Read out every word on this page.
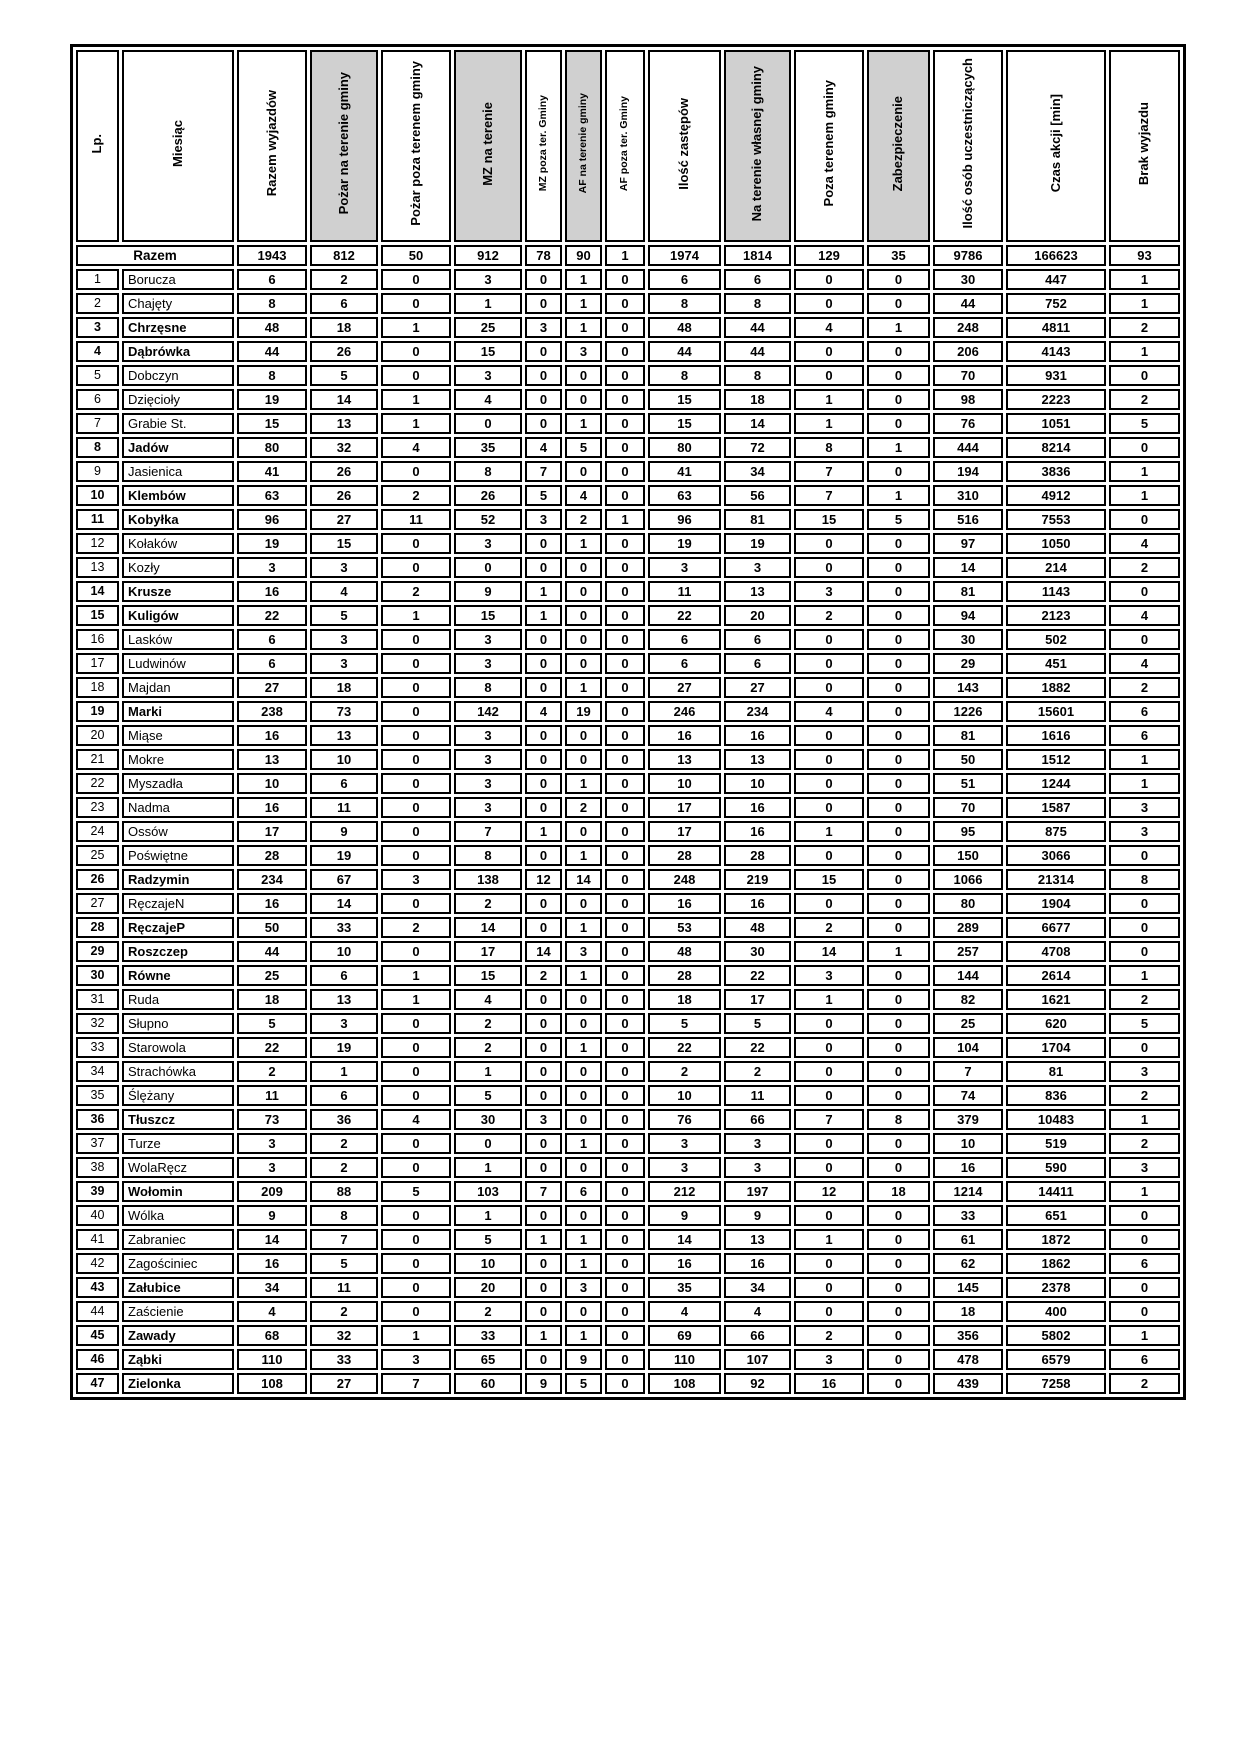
Lp.	Miesiąc	Razem wyjazdów	Pożar na terenie gminy	Pożar poza terenem gminy	MZ na terenie	MZ poza ter. Gminy	AF na terenie gminy	AF poza ter. Gminy	Ilość zastępów	Na terenie własnej gminy	Poza terenem gminy	Zabezpieczenie	Ilość osób uczestniczących	Czas akcji [min]	Brak wyjazdu
Razem		1943	812	50	912	78	90	1	1974	1814	129	35	9786	166623	93
1	Borucza	6	2	0	3	0	1	0	6	6	0	0	30	447	1
2	Chajęty	8	6	0	1	0	1	0	8	8	0	0	44	752	1
3	Chrzęsne	48	18	1	25	3	1	0	48	44	4	1	248	4811	2
4	Dąbrówka	44	26	0	15	0	3	0	44	44	0	0	206	4143	1
5	Dobczyn	8	5	0	3	0	0	0	8	8	0	0	70	931	0
6	Dzięcioły	19	14	1	4	0	0	0	15	18	1	0	98	2223	2
7	Grabie St.	15	13	1	0	0	1	0	15	14	1	0	76	1051	5
8	Jadów	80	32	4	35	4	5	0	80	72	8	1	444	8214	0
9	Jasienica	41	26	0	8	7	0	0	41	34	7	0	194	3836	1
10	Klembów	63	26	2	26	5	4	0	63	56	7	1	310	4912	1
11	Kobyłka	96	27	11	52	3	2	1	96	81	15	5	516	7553	0
12	Kołaków	19	15	0	3	0	1	0	19	19	0	0	97	1050	4
13	Kozły	3	3	0	0	0	0	0	3	3	0	0	14	214	2
14	Krusze	16	4	2	9	1	0	0	11	13	3	0	81	1143	0
15	Kuligów	22	5	1	15	1	0	0	22	20	2	0	94	2123	4
16	Lasków	6	3	0	3	0	0	0	6	6	0	0	30	502	0
17	Ludwinów	6	3	0	3	0	0	0	6	6	0	0	29	451	4
18	Majdan	27	18	0	8	0	1	0	27	27	0	0	143	1882	2
19	Marki	238	73	0	142	4	19	0	246	234	4	0	1226	15601	6
20	Miąse	16	13	0	3	0	0	0	16	16	0	0	81	1616	6
21	Mokre	13	10	0	3	0	0	0	13	13	0	0	50	1512	1
22	Myszadła	10	6	0	3	0	1	0	10	10	0	0	51	1244	1
23	Nadma	16	11	0	3	0	2	0	17	16	0	0	70	1587	3
24	Ossów	17	9	0	7	1	0	0	17	16	1	0	95	875	3
25	Poświętne	28	19	0	8	0	1	0	28	28	0	0	150	3066	0
26	Radzymin	234	67	3	138	12	14	0	248	219	15	0	1066	21314	8
27	RęczajeN	16	14	0	2	0	0	0	16	16	0	0	80	1904	0
28	RęczajeP	50	33	2	14	0	1	0	53	48	2	0	289	6677	0
29	Roszczep	44	10	0	17	14	3	0	48	30	14	1	257	4708	0
30	Równe	25	6	1	15	2	1	0	28	22	3	0	144	2614	1
31	Ruda	18	13	1	4	0	0	0	18	17	1	0	82	1621	2
32	Słupno	5	3	0	2	0	0	0	5	5	0	0	25	620	5
33	Starowola	22	19	0	2	0	1	0	22	22	0	0	104	1704	0
34	Strachówka	2	1	0	1	0	0	0	2	2	0	0	7	81	3
35	Ślężany	11	6	0	5	0	0	0	10	11	0	0	74	836	2
36	Tłuszcz	73	36	4	30	3	0	0	76	66	7	8	379	10483	1
37	Turze	3	2	0	0	0	1	0	3	3	0	0	10	519	2
38	WolaRęcz	3	2	0	1	0	0	0	3	3	0	0	16	590	3
39	Wołomin	209	88	5	103	7	6	0	212	197	12	18	1214	14411	1
40	Wólka	9	8	0	1	0	0	0	9	9	0	0	33	651	0
41	Zabraniec	14	7	0	5	1	1	0	14	13	1	0	61	1872	0
42	Zagościniec	16	5	0	10	0	1	0	16	16	0	0	62	1862	6
43	Załubice	34	11	0	20	0	3	0	35	34	0	0	145	2378	0
44	Zaścienie	4	2	0	2	0	0	0	4	4	0	0	18	400	0
45	Zawady	68	32	1	33	1	1	0	69	66	2	0	356	5802	1
46	Ząbki	110	33	3	65	0	9	0	110	107	3	0	478	6579	6
47	Zielonka	108	27	7	60	9	5	0	108	92	16	0	439	7258	2
